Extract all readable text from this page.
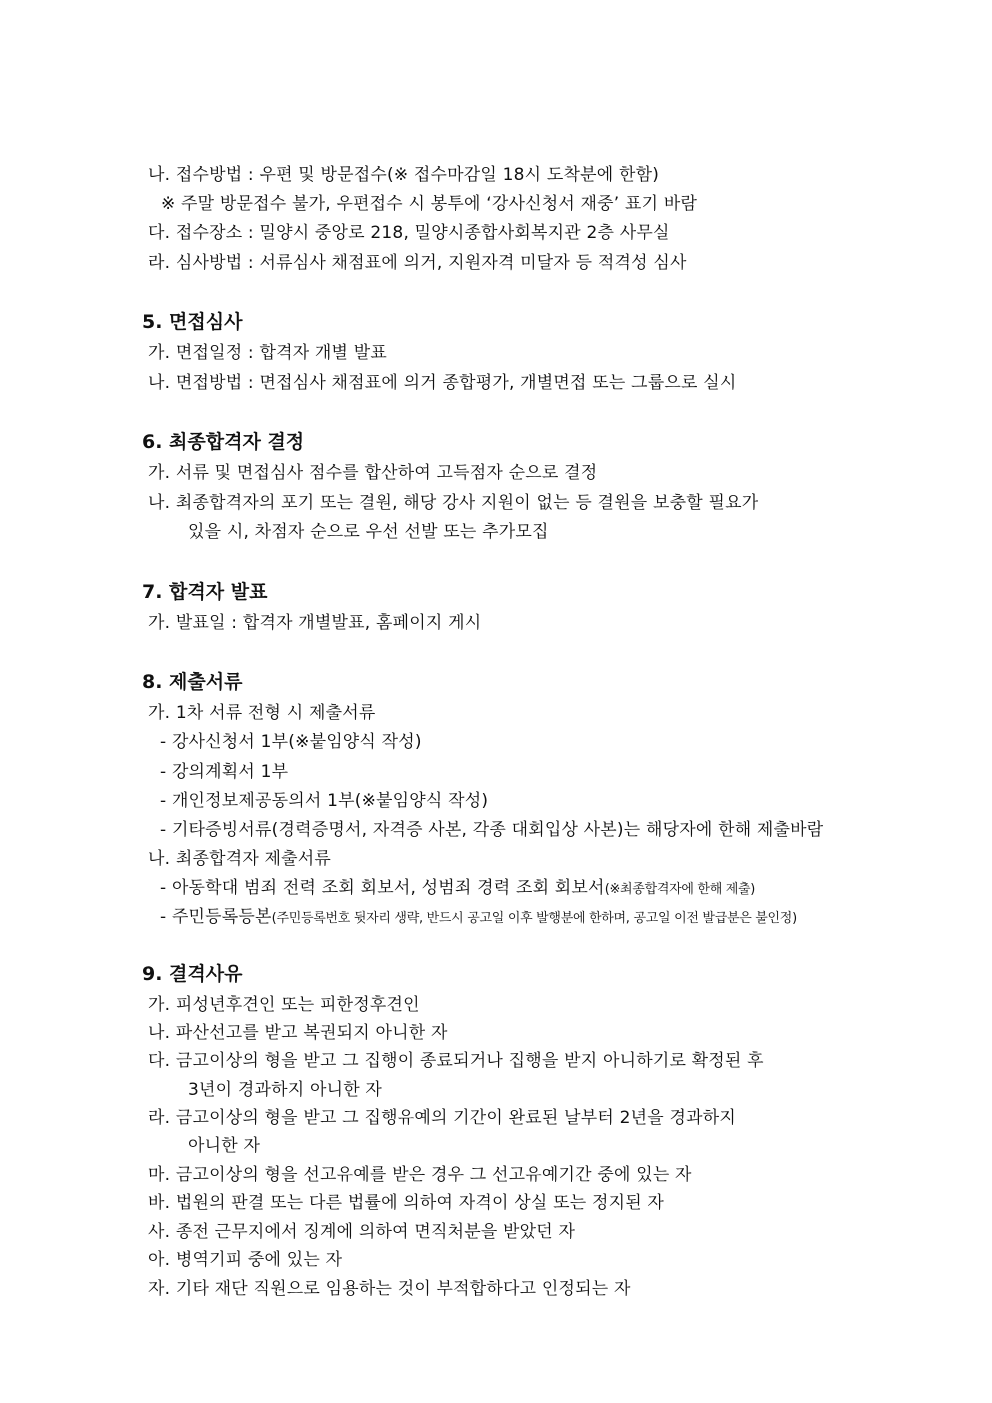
나. 접수방법 : 우편 및 방문접수(※ 접수마감일 18시 도착분에 한함)
※ 주말 방문접수 불가, 우편접수 시 봉투에 ‘강사신청서 재중’ 표기 바람
다. 접수장소 : 밀양시 중앙로 218, 밀양시종합사회복지관 2층 사무실
라. 심사방법 : 서류심사 채점표에 의거, 지원자격 미달자 등 적격성 심사
5. 면접심사
가. 면접일정 : 합격자 개별 발표
나. 면접방법 : 면접심사 채점표에 의거 종합평가, 개별면접 또는 그룹으로 실시
6. 최종합격자 결정
가. 서류 및 면접심사 점수를 합산하여 고득점자 순으로 결정
나. 최종합격자의 포기 또는 결원, 해당 강사 지원이 없는 등 결원을 보충할 필요가
있을 시, 차점자 순으로 우선 선발 또는 추가모집
7. 합격자 발표
가. 발표일 : 합격자 개별발표, 홈페이지 게시
8. 제출서류
가. 1차 서류 전형 시 제출서류
- 강사신청서 1부(※붙임양식 작성)
- 강의계획서 1부
- 개인정보제공동의서 1부(※붙임양식 작성)
- 기타증빙서류(경력증명서, 자격증 사본, 각종 대회입상 사본)는 해당자에 한해 제출바람
나. 최종합격자 제출서류
- 아동학대 범죄 전력 조회 회보서, 성범죄 경력 조회 회보서(※최종합격자에 한해 제출)
- 주민등록등본(주민등록번호 뒷자리 생략, 반드시 공고일 이후 발행분에 한하며, 공고일 이전 발급분은 불인정)
9. 결격사유
가. 피성년후견인 또는 피한정후견인
나. 파산선고를 받고 복권되지 아니한 자
다. 금고이상의 형을 받고 그 집행이 종료되거나 집행을 받지 아니하기로 확정된 후
3년이 경과하지 아니한 자
라. 금고이상의 형을 받고 그 집행유예의 기간이 완료된 날부터 2년을 경과하지
아니한 자
마. 금고이상의 형을 선고유예를 받은 경우 그 선고유예기간 중에 있는 자
바. 법원의 판결 또는 다른 법률에 의하여 자격이 상실 또는 정지된 자
사. 종전 근무지에서 징계에 의하여 면직처분을 받았던 자
아. 병역기피 중에 있는 자
자. 기타 재단 직원으로 임용하는 것이 부적합하다고 인정되는 자
